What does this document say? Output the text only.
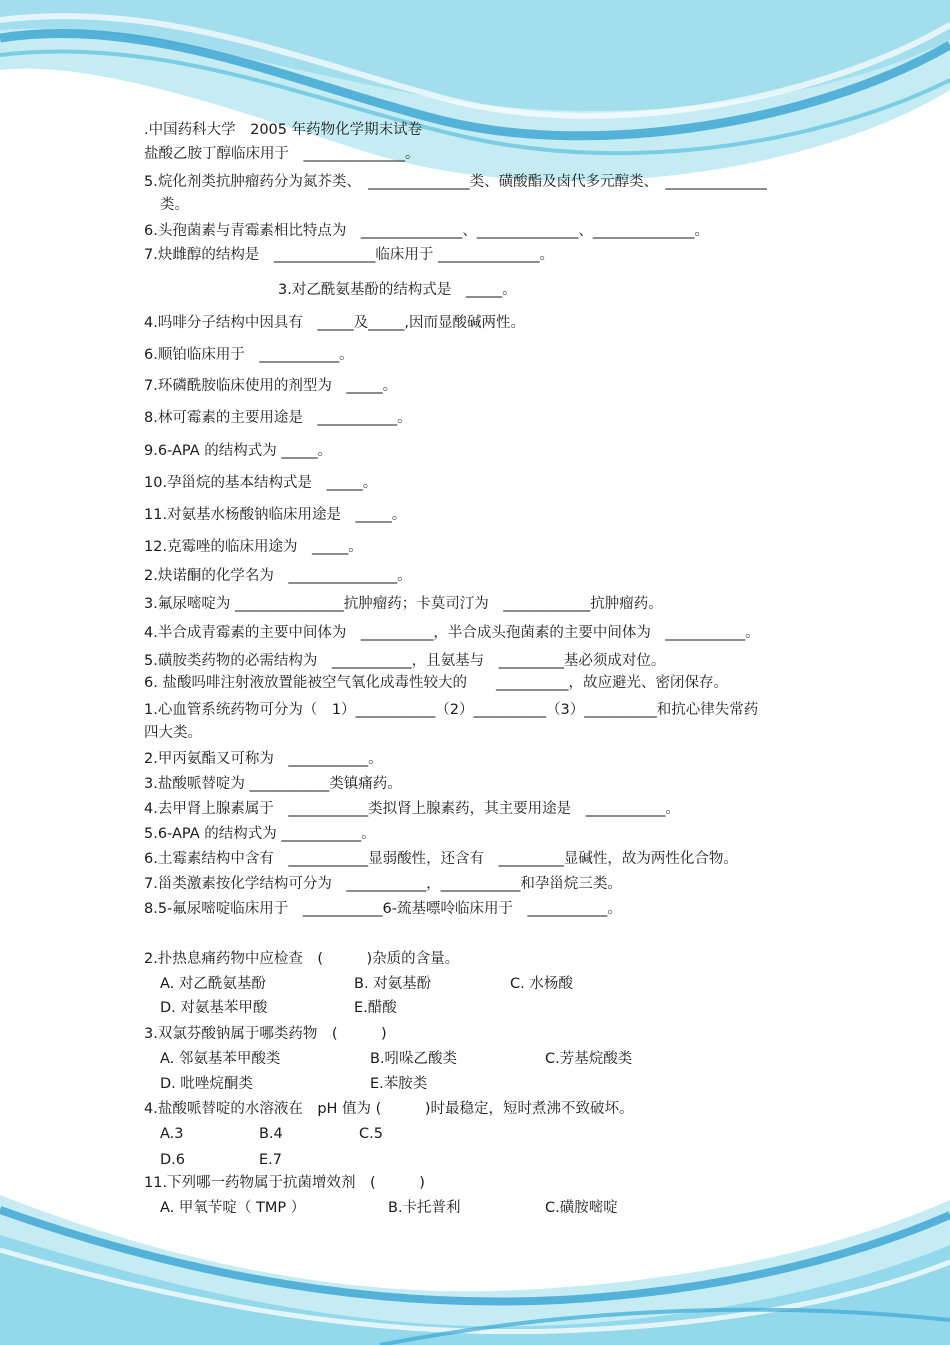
.中国药科大学　2005 年药物化学期末试卷
盐酸乙胺丁醇临床用于　______________。
5.烷化剂类抗肿瘤药分为氮芥类、　______________类、磺酸酯及卤代多元醇类、　______________
类。
6.头孢菌素与青霉素相比特点为　______________、______________、______________。
7.炔雌醇的结构是　______________临床用于 ______________。
3.对乙酰氨基酚的结构式是　_____。
4.吗啡分子结构中因具有　_____及_____,因而显酸碱两性。
6.顺铂临床用于　___________。
7.环磷酰胺临床使用的剂型为　_____。
8.林可霉素的主要用途是　___________。
9.6-APA 的结构式为 _____。
10.孕甾烷的基本结构式是　_____。
11.对氨基水杨酸钠临床用途是　_____。
12.克霉唑的临床用途为　_____。
2.炔诺酮的化学名为　_______________。
3.氟尿嘧啶为 _______________抗肿瘤药；卡莫司汀为　____________抗肿瘤药。
4.半合成青霉素的主要中间体为　__________，半合成头孢菌素的主要中间体为　___________。
5.磺胺类药物的必需结构为　___________，且氨基与　_________基必须成对位。
6. 盐酸吗啡注射液放置能被空气氧化成毒性较大的　　__________，故应避光、密闭保存。
1.心血管系统药物可分为（　1）___________（2）__________（3）__________和抗心律失常药
四大类。
2.甲丙氨酯又可称为　___________。
3.盐酸哌替啶为 ___________类镇痛药。
4.去甲肾上腺素属于　___________类拟肾上腺素药，其主要用途是　___________。
5.6-APA 的结构式为 ___________。
6.土霉素结构中含有　___________显弱酸性，还含有　_________显碱性，故为两性化合物。
7.甾类激素按化学结构可分为　___________，___________和孕甾烷三类。
8.5-氟尿嘧啶临床用于　___________6-巯基嘌呤临床用于　___________。
2.扑热息痛药物中应检查　(　　　)杂质的含量。
A. 对乙酰氨基酚	B. 对氨基酚	C. 水杨酸
D. 对氨基苯甲酸	E.醋酸
3.双氯芬酸钠属于哪类药物　(　　　)
A. 邻氨基苯甲酸类	B.吲哚乙酸类	C.芳基烷酸类
D. 吡唑烷酮类	E.苯胺类
4.盐酸哌替啶的水溶液在　pH 值为 (　　　)时最稳定，短时煮沸不致破坏。
A.3	B.4	C.5
D.6	E.7
11.下列哪一药物属于抗菌增效剂　(　　　)
A. 甲氧苄啶（ TMP ）	B.卡托普利	C.磺胺嘧啶
